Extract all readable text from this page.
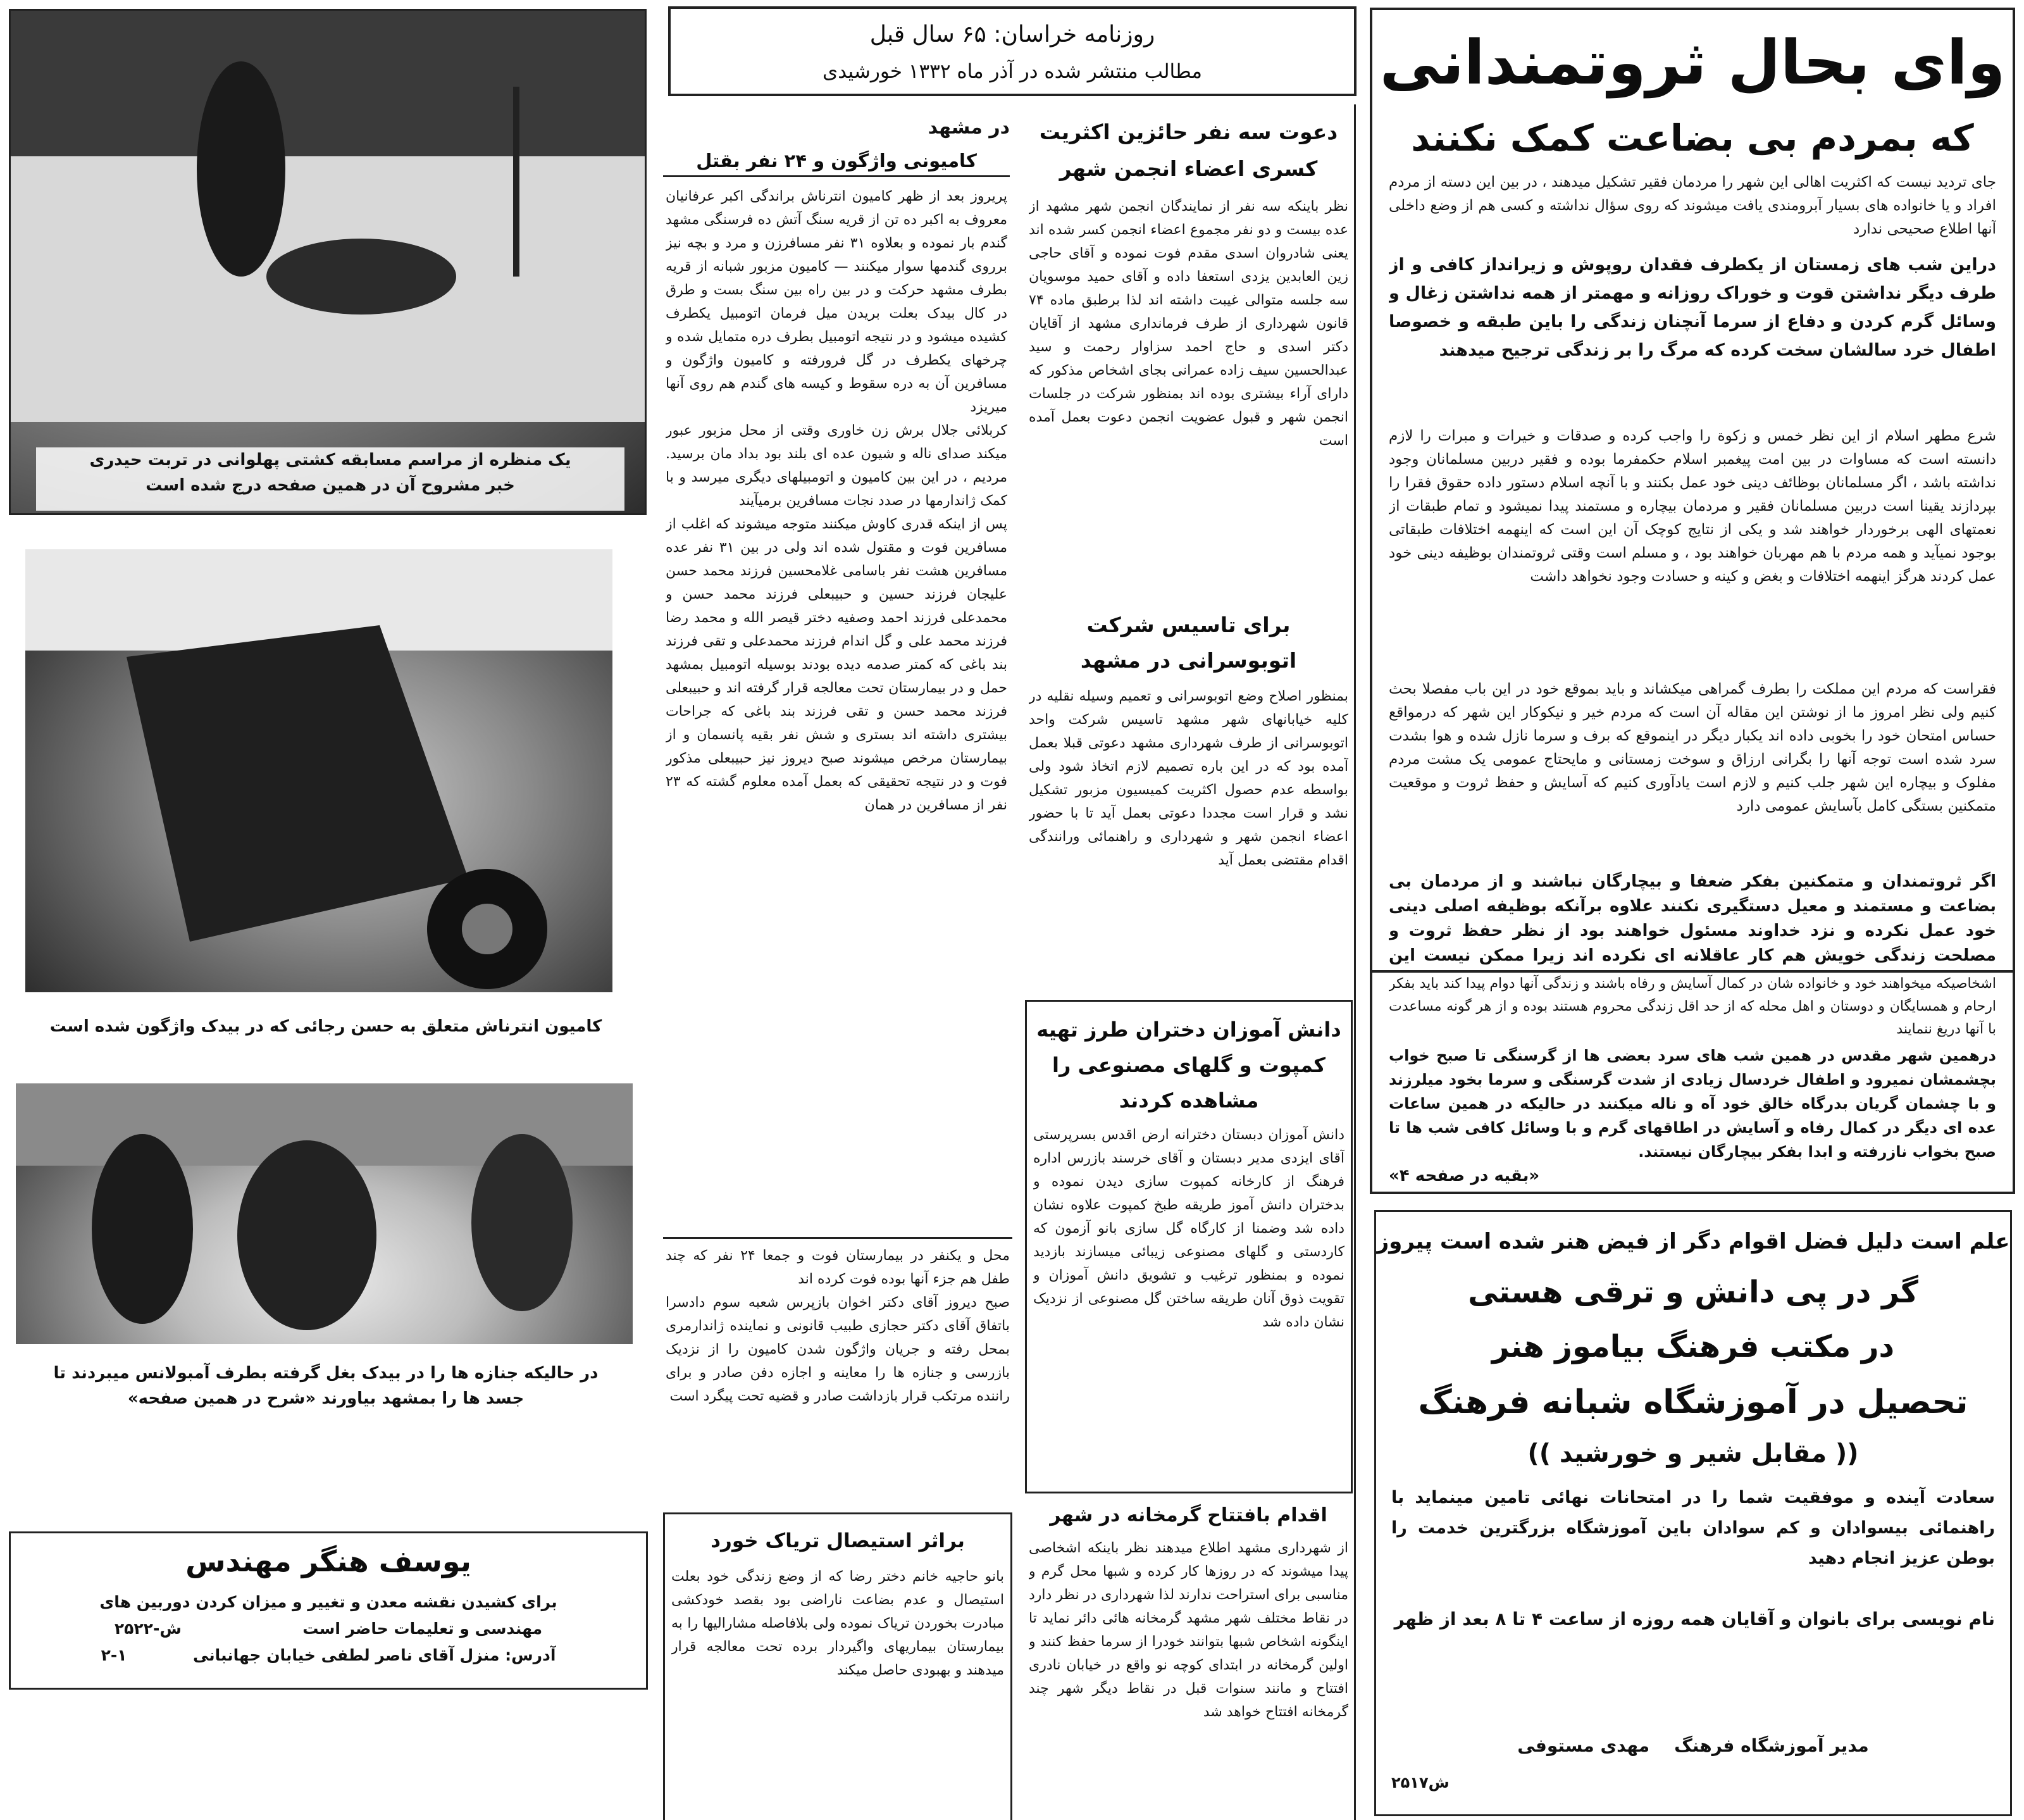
یک منظره از مراسم مسابقه کشتی پهلوانی در تربت حیدری
خبر مشروح آن در همین صفحه درج شده است
کامیون انترناش متعلق به حسن رجائی که در بیدک واژگون شده است
در حالیکه جنازه ها را در بیدک بغل گرفته بطرف آمبولانس میبردند تا
جسد ها را بمشهد بیاورند «شرح در همین صفحه»
یوسف هنگر مهندس
برای کشیدن نقشه معدن و تغییر و میزان کردن دوربین های
مهندسی و تعلیمات حاضر است                      ش-۲۵۲۲
آدرس: منزل آقای ناصر لطفی خیابان جهانبانی            ۱-۲
روزنامه خراسان: ۶۵ سال قبل
مطالب منتشر شده در آذر ماه ۱۳۳۲ خورشیدی
در مشهد
کامیونی واژگون و ۲۴ نفر بقتل
پریروز بعد از ظهر کامیون انترناش براندگی اکبر عرفانیان معروف به اکبر ده تن از قریه سنگ آتش ده فرسنگی مشهد گندم بار نموده و بعلاوه ۳۱ نفر مسافرزن و مرد و بچه نیز برروی گندمها سوار میکنند — کامیون مزبور شبانه از قریه بطرف مشهد حرکت و در بین راه بین سنگ بست و طرق در کال بیدک بعلت بریدن میل فرمان اتومبیل یکطرف کشیده میشود و در نتیجه اتومبیل بطرف دره متمایل شده و چرخهای یکطرف در گل فرورفته و کامیون واژگون و مسافرین آن به دره سقوط و کیسه های گندم هم روی آنها میریزد
کربلائی جلال برش زن خاوری وقتی از محل مزبور عبور میکند صدای ناله و شیون عده ای بلند بود بداد مان برسید. مردیم ، در این بین کامیون و اتومبیلهای دیگری میرسد و با کمک ژاندارمها در صدد نجات مسافرین برمیآیند
پس از اینکه قدری کاوش میکنند متوجه میشوند که اغلب از مسافرین فوت و مقتول شده اند ولی در بین ۳۱ نفر عده مسافرین هشت نفر باسامی غلامحسین فرزند محمد حسن علیجان فرزند حسین و حبیبعلی فرزند محمد حسن و محمدعلی فرزند احمد وصفیه دختر قیصر الله و محمد رضا فرزند محمد علی و گل اندام فرزند محمدعلی و تقی فرزند بند باغی که کمتر صدمه دیده بودند بوسیله اتومبیل بمشهد حمل و در بیمارستان تحت معالجه قرار گرفته اند و حبیبعلی فرزند محمد حسن و تقی فرزند بند باغی که جراحات بیشتری داشته اند بستری و شش نفر بقیه پانسمان و از بیمارستان مرخص میشوند صبح دیروز نیز حبیبعلی مذکور فوت و در نتیجه تحقیقی که بعمل آمده معلوم گشته که ۲۳ نفر از مسافرین در همان
محل و یکنفر در بیمارستان فوت و جمعا ۲۴ نفر که چند طفل هم جزء آنها بوده فوت کرده اند
صبح دیروز آقای دکتر اخوان بازپرس شعبه سوم دادسرا باتفاق آقای دکتر حجازی طبیب قانونی و نماینده ژاندارمری بمحل رفته و جریان واژگون شدن کامیون را از نزدیک بازرسی و جنازه ها را معاینه و اجازه دفن صادر و برای راننده مرتکب قرار بازداشت صادر و قضیه تحت پیگرد است
براثر استیصال تریاک خورد
بانو حاجیه خانم دختر رضا که از وضع زندگی خود بعلت استیصال و عدم بضاعت ناراضی بود بقصد خودکشی مبادرت بخوردن تریاک نموده ولی بلافاصله مشارالیها را به بیمارستان بیماریهای واگیردار برده تحت معالجه قرار میدهند و بهبودی حاصل میکند
دعوت سه نفر حائزین اکثریت کسری اعضاء انجمن شهر
نظر باینکه سه نفر از نمایندگان انجمن شهر مشهد از عده بیست و دو نفر مجموع اعضاء انجمن کسر شده اند یعنی شادروان اسدی مقدم فوت نموده و آقای حاجی زین العابدین یزدی استعفا داده و آقای حمید موسویان سه جلسه متوالی غیبت داشته اند لذا برطبق ماده ۷۴ قانون شهرداری از طرف فرمانداری مشهد از آقایان دکتر اسدی و حاج احمد سزاوار رحمت و سید عبدالحسین سیف زاده عمرانی بجای اشخاص مذکور که دارای آراء بیشتری بوده اند بمنظور شرکت در جلسات انجمن شهر و قبول عضویت انجمن دعوت بعمل آمده است
برای تاسیس شرکت اتوبوسرانی در مشهد
بمنظور اصلاح وضع اتوبوسرانی و تعمیم وسیله نقلیه در کلیه خیابانهای شهر مشهد تاسیس شرکت واحد اتوبوسرانی از طرف شهرداری مشهد دعوتی قبلا بعمل آمده بود که در این باره تصمیم لازم اتخاذ شود ولی بواسطه عدم حصول اکثریت کمیسیون مزبور تشکیل نشد و قرار است مجددا دعوتی بعمل آید تا با حضور اعضاء انجمن شهر و شهرداری و راهنمائی ورانندگی اقدام مقتضی بعمل آید
دانش آموزان دختران طرز تهیه کمپوت و گلهای مصنوعی را مشاهده کردند
دانش آموزان دبستان دخترانه ارض اقدس بسرپرستی آقای ایزدی مدیر دبستان و آقای خرسند بازرس اداره فرهنگ از کارخانه کمپوت سازی دیدن نموده و بدختران دانش آموز طریقه طبخ کمپوت علاوه نشان داده شد وضمنا از کارگاه گل سازی بانو آزمون که کاردستی و گلهای مصنوعی زیبائی میسازند بازدید نموده و بمنظور ترغیب و تشویق دانش آموزان و تقویت ذوق آنان طریقه ساختن گل مصنوعی از نزدیک نشان داده شد
اقدام بافتتاح گرمخانه در شهر
از شهرداری مشهد اطلاع میدهند نظر باینکه اشخاصی پیدا میشوند که در روزها کار کرده و شبها محل گرم و مناسبی برای استراحت ندارند لذا شهرداری در نظر دارد در نقاط مختلف شهر مشهد گرمخانه هائی دائر نماید تا اینگونه اشخاص شبها بتوانند خودرا از سرما حفظ کنند و اولین گرمخانه در ابتدای کوچه نو واقع در خیابان نادری افتتاح و مانند سنوات قبل در نقاط دیگر شهر چند گرمخانه افتتاح خواهد شد
وای بحال ثروتمندانی
که بمردم بی بضاعت کمک نکنند
جای تردید نیست که اکثریت اهالی این شهر را مردمان فقیر تشکیل میدهند ، در بین این دسته از مردم افراد و یا خانواده های بسیار آبرومندی یافت میشوند که روی سؤال نداشته و کسی هم از وضع داخلی آنها اطلاع صحیحی ندارد
دراین شب های زمستان از یکطرف فقدان روپوش و زیرانداز کافی و از طرف دیگر نداشتن قوت و خوراک روزانه و مهمتر از همه نداشتن زغال و وسائل گرم کردن و دفاع از سرما آنچنان زندگی را باین طبقه و خصوصا اطفال خرد سالشان سخت کرده که مرگ را بر زندگی ترجیح میدهند
شرع مطهر اسلام از این نظر خمس و زکوة را واجب کرده و صدقات و خیرات و مبرات را لازم دانسته است که مساوات در بین امت پیغمبر اسلام حکمفرما بوده و فقیر دربین مسلمانان وجود نداشته باشد ، اگر مسلمانان بوظائف دینی خود عمل بکنند و با آنچه اسلام دستور داده حقوق فقرا را بپردازند یقینا است دربین مسلمانان فقیر و مردمان بیچاره و مستمند پیدا نمیشود و تمام طبقات از نعمتهای الهی برخوردار خواهند شد و یکی از نتایج کوچک آن این است که اینهمه اختلافات طبقاتی بوجود نمیآید و همه مردم با هم مهربان خواهند بود ، و مسلم است وقتی ثروتمندان بوظیفه دینی خود عمل کردند هرگز اینهمه اختلافات و بغض و کینه و حسادت وجود نخواهد داشت
فقراست که مردم این مملکت را بطرف گمراهی میکشاند و باید بموقع خود در این باب مفصلا بحث کنیم ولی نظر امروز ما از نوشتن این مقاله آن است که مردم خیر و نیکوکار این شهر که درمواقع حساس امتحان خود را بخوبی داده اند یکبار دیگر در اینموقع که برف و سرما نازل شده و هوا بشدت سرد شده است توجه آنها را بگرانی ارزاق و سوخت زمستانی و مایحتاج عمومی یک مشت مردم مفلوک و بیچاره این شهر جلب کنیم و لازم است یادآوری کنیم که آسایش و حفظ ثروت و موقعیت متمکنین بستگی کامل بآسایش عمومی دارد
اگر ثروتمندان و متمکنین بفکر ضعفا و بیچارگان نباشند و از مردمان بی بضاعت و مستمند و معیل دستگیری نکنند علاوه برآنکه بوظیفه اصلی دینی خود عمل نکرده و نزد خداوند مسئول خواهند بود از نظر حفظ ثروت و مصلحت زندگی خویش هم کار عاقلانه ای نکرده اند زیرا ممکن نیست این
اشخاصیکه میخواهند خود و خانواده شان در کمال آسایش و رفاه باشند و زندگی آنها دوام پیدا کند باید بفکر ارحام و همسایگان و دوستان و اهل محله که از حد اقل زندگی محروم هستند بوده و از هر گونه مساعدت با آنها دریغ ننمایند
درهمین شهر مقدس در همین شب های سرد بعضی ها از گرسنگی تا صبح خواب بچشمشان نمیرود و اطفال خردسال زیادی از شدت گرسنگی و سرما بخود میلرزند و با چشمان گریان بدرگاه خالق خود آه و ناله میکنند در حالیکه در همین ساعات عده ای دیگر در کمال رفاه و آسایش در اطاقهای گرم و با وسائل کافی شب ها تا صبح بخواب نازرفته و ابدا بفکر بیچارگان نیستند.
«بقیه در صفحه ۴»
علم است دلیل فضل اقوام دگر از فیض هنر شده است پیروز
گر در پی دانش و ترقی هستی
در مکتب فرهنگ بیاموز هنر
تحصیل در آموزشگاه شبانه فرهنگ
(( مقابل شیر و خورشید ))
سعادت آینده و موفقیت شما را در امتحانات نهائی تامین مینماید با راهنمائی بیسوادان و کم سوادان باین آموزشگاه بزرگترین خدمت را بوطن عزیز انجام دهید
نام نویسی برای بانوان و آقایان همه روزه از ساعت ۴ تا ۸ بعد از ظهر
مدیر آموزشگاه فرهنگ    مهدی مستوفی
ش۲۵۱۷
